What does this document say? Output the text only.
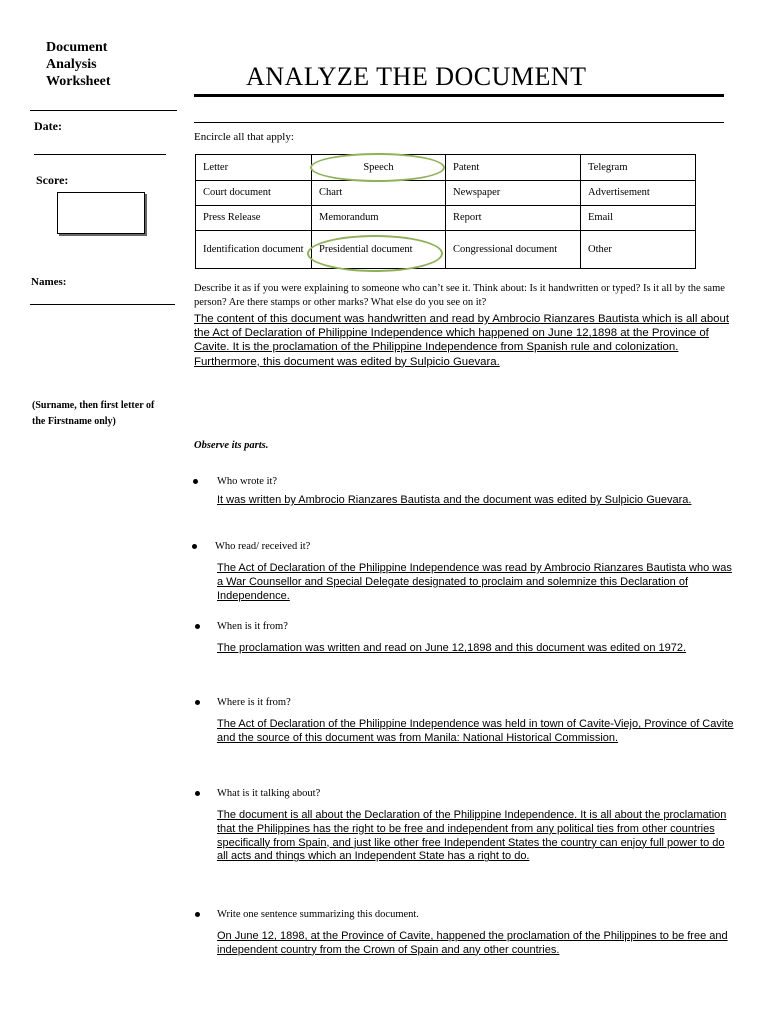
Document
Analysis
Worksheet
Date:
Score:
Names:
(Surname, then first letter of
the Firstname only)
ANALYZE THE DOCUMENT
Encircle all that apply:
Letter	Speech	Patent	Telegram
Court document	Chart	Newspaper	Advertisement
Press Release	Memorandum	Report	Email
Identification document	Presidential document	Congressional document	Other
Describe it as if you were explaining to someone who can’t see it. Think about: Is it handwritten or typed? Is it all by the same person? Are there stamps or other marks? What else do you see on it?
The content of this document was handwritten and read by Ambrocio Rianzares Bautista which is all about the Act of Declaration of Philippine Independence which happened on June 12,1898 at the Province of Cavite. It is the proclamation of the Philippine Independence from Spanish rule and colonization. Furthermore, this document was edited by Sulpicio Guevara.
Observe its parts.
Who wrote it?
It was written by Ambrocio Rianzares Bautista and the document was edited by Sulpicio Guevara.
Who read/ received it?
The Act of Declaration of the Philippine Independence was read by Ambrocio Rianzares Bautista who was a War Counsellor and Special Delegate designated to proclaim and solemnize this Declaration of Independence.
When is it from?
The proclamation was written and read on June 12,1898 and this document was edited on 1972.
Where is it from?
The Act of Declaration of the Philippine Independence was held in town of Cavite-Viejo, Province of Cavite and the source of this document was from Manila: National Historical Commission.
What is it talking about?
The document is all about the Declaration of the Philippine Independence. It is all about the proclamation that the Philippines has the right to be free and independent from any political ties from other countries specifically from Spain, and just like other free Independent States the country can enjoy full power to do all acts and things which an Independent State has a right to do.
Write one sentence summarizing this document.
On June 12, 1898, at the Province of Cavite, happened the proclamation of the Philippines to be free and independent country from the Crown of Spain and any other countries.
